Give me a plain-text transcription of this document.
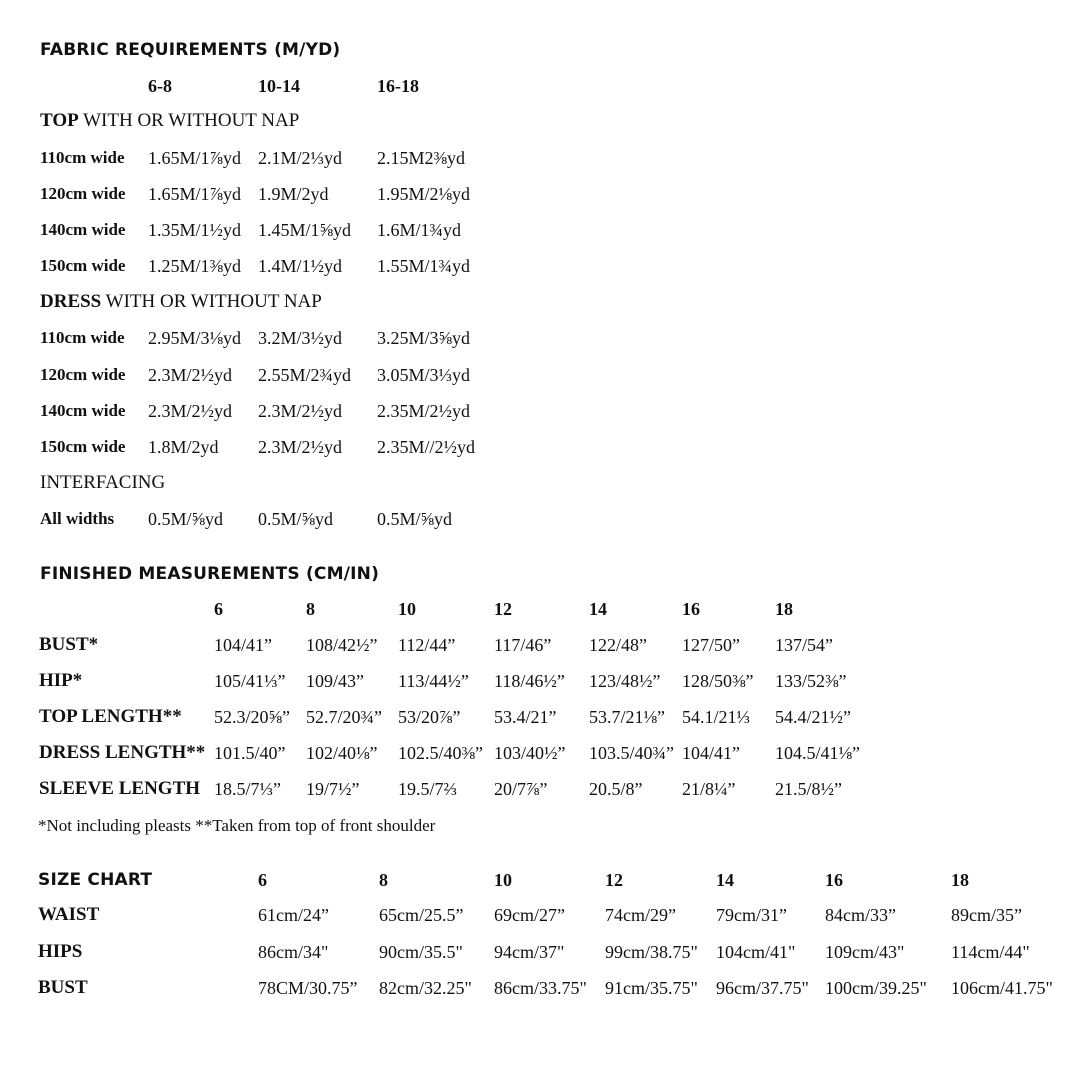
FABRIC REQUIREMENTS (M/YD)
6-8	10-14	16-18
TOP WITH OR WITHOUT NAP
110cm wide 1.65M/1⅞yd 2.1M/2⅓yd 2.15M2⅜yd
120cm wide 1.65M/1⅞yd 1.9M/2yd	1.95M/2⅛yd
140cm wide 1.35M/1½yd 1.45M/1⅝yd 1.6M/1¾yd
150cm wide 1.25M/1⅜yd 1.4M/1½yd 1.55M/1¾yd
DRESS WITH OR WITHOUT NAP
110cm wide 2.95M/3⅛yd 3.2M/3½yd 3.25M/3⅝yd
120cm wide 2.3M/2½yd 2.55M/2¾yd 3.05M/3⅓yd
140cm wide 2.3M/2½yd 2.3M/2½yd 2.35M/2½yd
150cm wide 1.8M/2yd 2.3M/2½yd 2.35M//2½yd
INTERFACING
All widths 0.5M/⅝yd 0.5M/⅝yd 0.5M/⅝yd
FINISHED MEASUREMENTS (CM/IN)
6	8	10	12	14	16	18
BUST*	104/41” 108/42½” 112/44” 117/46” 122/48” 127/50” 137/54”
HIP*	105/41⅓” 109/43” 113/44½” 118/46½” 123/48½” 128/50⅜” 133/52⅜”
TOP LENGTH** 52.3/20⅝” 52.7/20¾” 53/20⅞” 53.4/21” 53.7/21⅛” 54.1/21⅓ 54.4/21½”
DRESS LENGTH** 101.5/40” 102/40⅛” 102.5/40⅜” 103/40½” 103.5/40¾” 104/41” 104.5/41⅛”
SLEEVE LENGTH 18.5/7⅓” 19/7½” 19.5/7⅔ 20/7⅞” 20.5/8” 21/8¼” 21.5/8½”
*Not including pleasts **Taken from top of front shoulder
SIZE CHART	6	8	10	12	14	16	18
WAIST	61cm/24”	65cm/25.5” 69cm/27” 74cm/29” 79cm/31” 84cm/33”	89cm/35”
HIPS	86cm/34"	90cm/35.5" 94cm/37" 99cm/38.75" 104cm/41" 109cm/43"	114cm/44"
BUST	78CM/30.75” 82cm/32.25" 86cm/33.75" 91cm/35.75" 96cm/37.75" 100cm/39.25" 106cm/41.75"
